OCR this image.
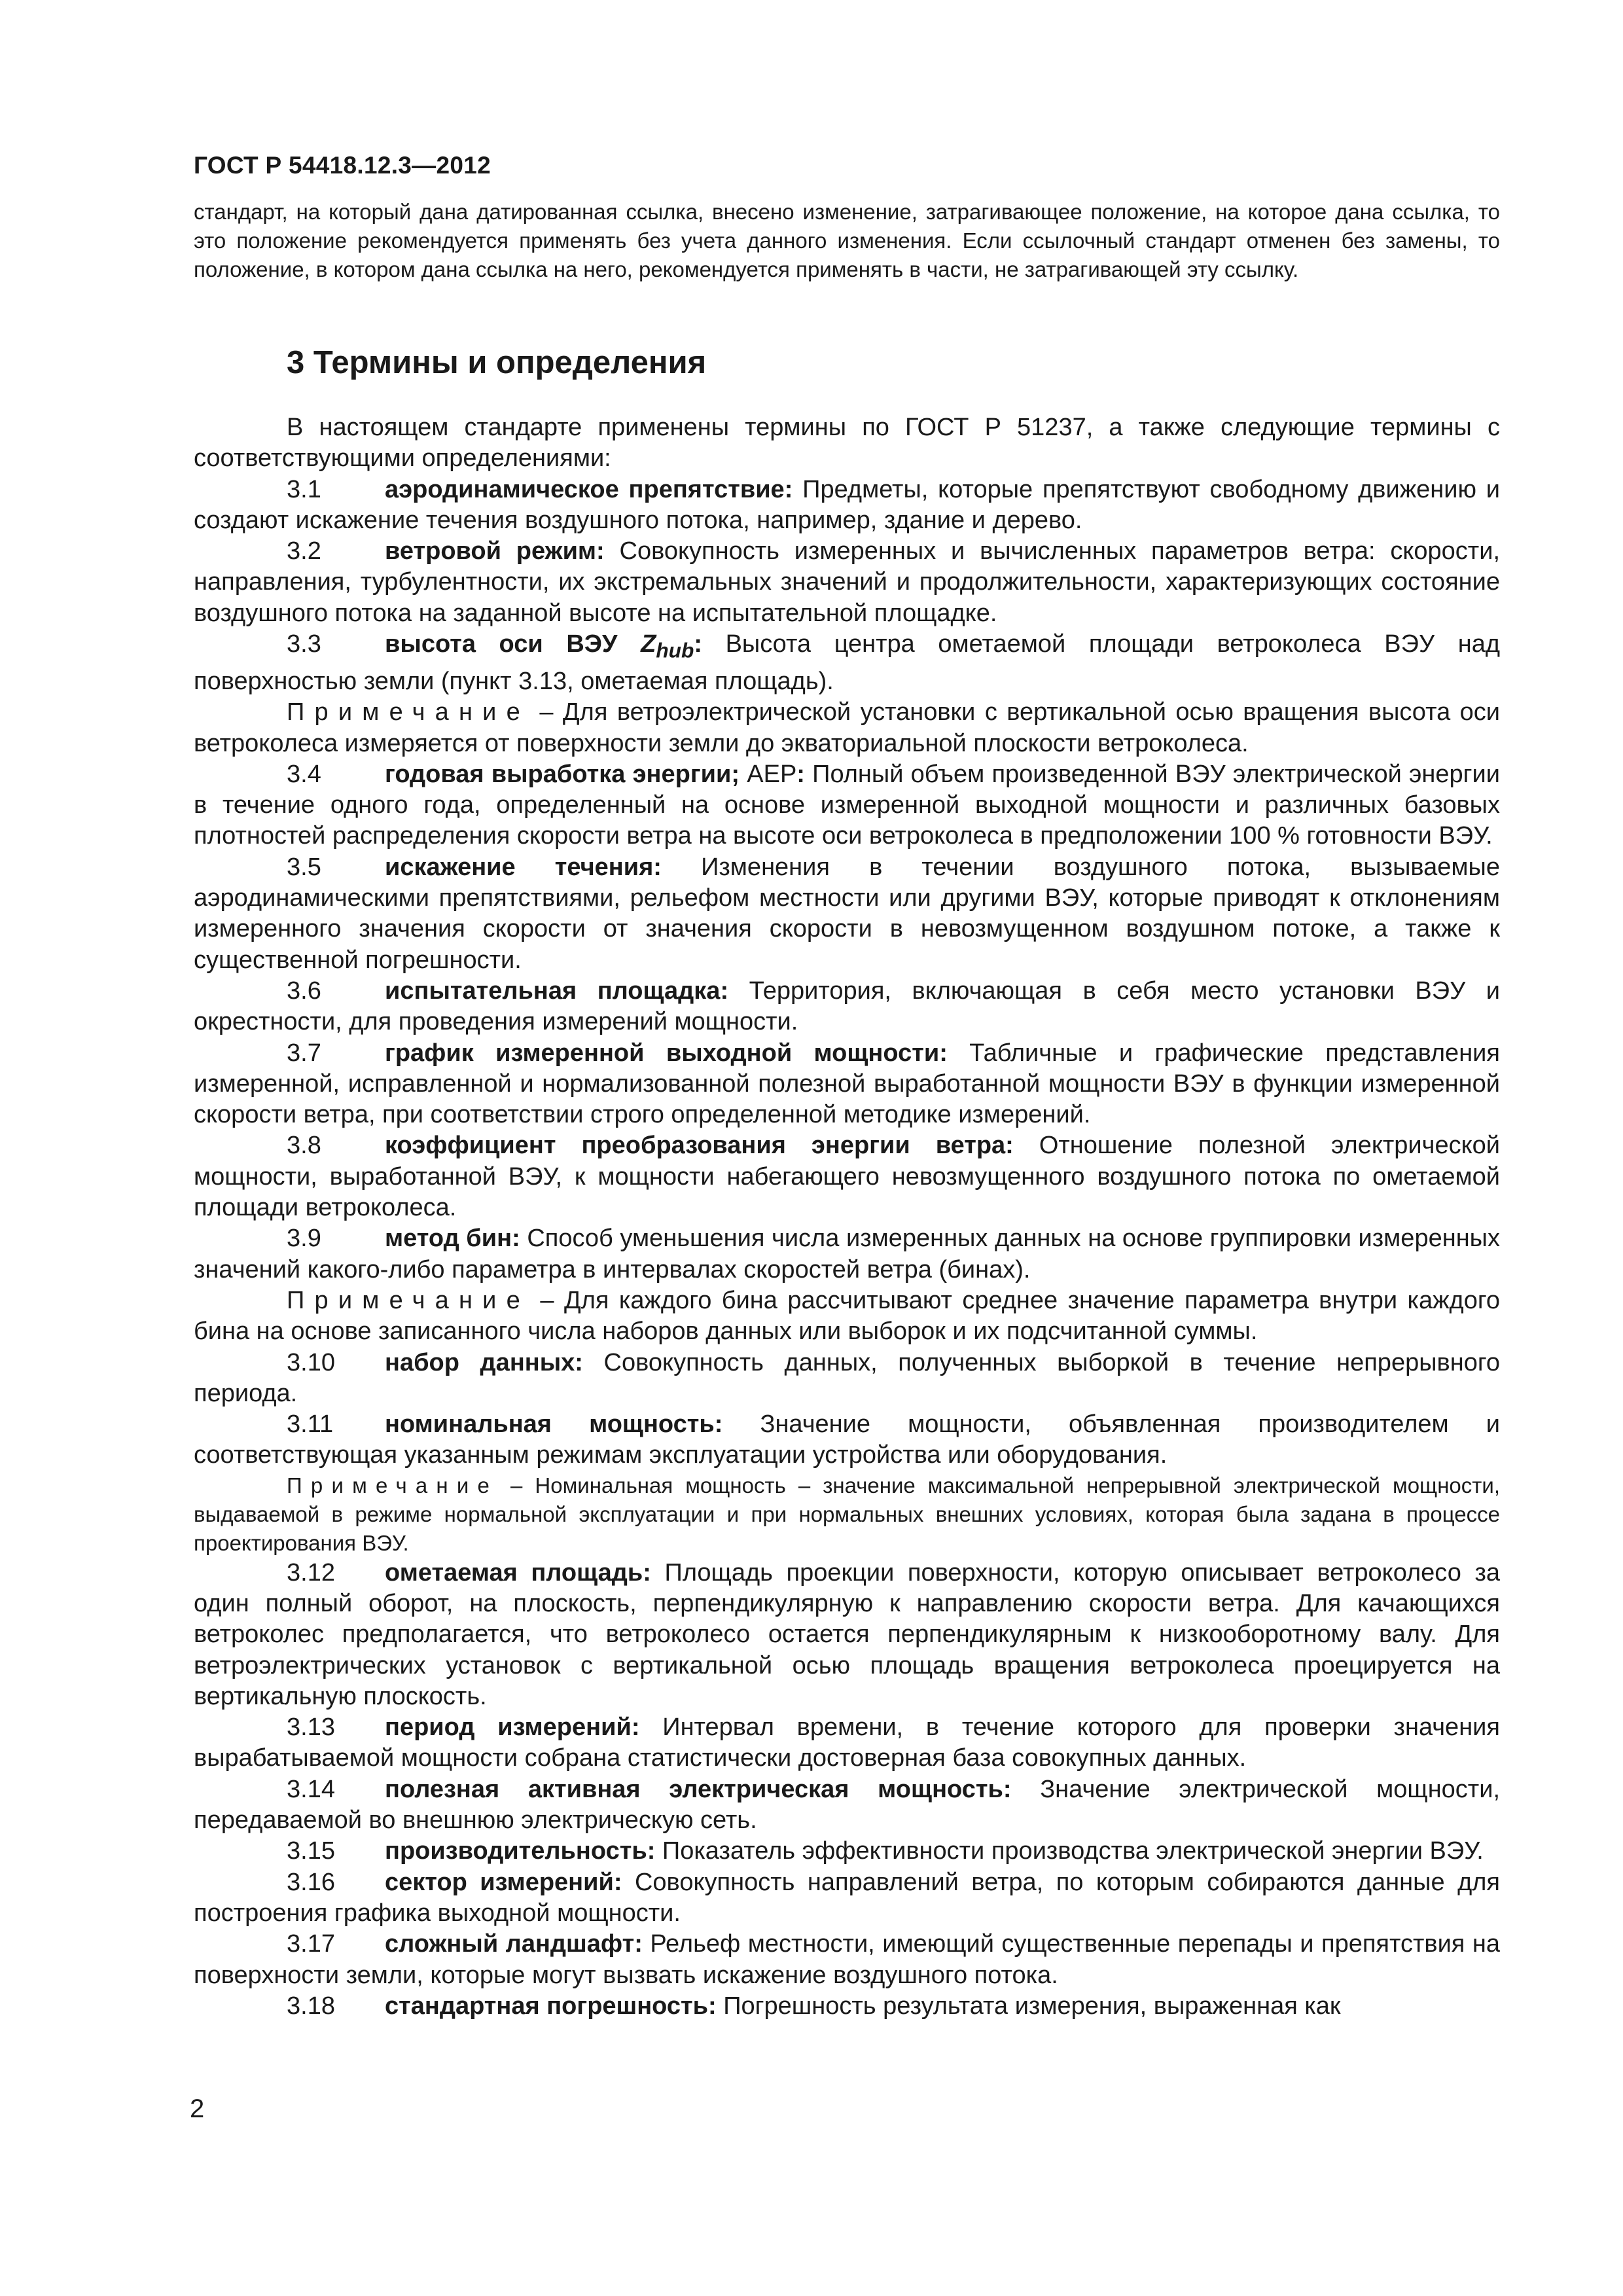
ГОСТ Р 54418.12.3—2012
стандарт, на который дана датированная ссылка, внесено изменение, затрагивающее положение, на которое дана ссылка, то это положение рекомендуется применять без учета данного изменения. Если ссылочный стандарт отменен без замены, то положение, в котором дана ссылка на него, рекомендуется применять в части, не затрагивающей эту ссылку.
3 Термины и определения

В настоящем стандарте применены термины по ГОСТ Р 51237, а также следующие термины с соответствующими определениями:

3.1	аэродинамическое препятствие: Предметы, которые препятствуют свободному движению и создают искажение течения воздушного потока, например, здание и дерево.

3.2	ветровой режим: Совокупность измеренных и вычисленных параметров ветра: скорости, направления, турбулентности, их экстремальных значений и продолжительности, характеризующих состояние воздушного потока на заданной высоте на испытательной площадке.

3.3	высота оси ВЭУ $Z_{hub}$: Высота центра ометаемой площади ветроколеса ВЭУ над поверхностью земли (пункт 3.13, ометаемая площадь).

Примечание – Для ветроэлектрической установки с вертикальной осью вращения высота оси ветроколеса измеряется от поверхности земли до экваториальной плоскости ветроколеса.

3.4	годовая выработка энергии; AEP: Полный объем произведенной ВЭУ электрической энергии в течение одного года, определенный на основе измеренной выходной мощности и различных базовых плотностей распределения скорости ветра на высоте оси ветроколеса в предположении 100 % готовности ВЭУ.

3.5	искажение течения: Изменения в течении воздушного потока, вызываемые аэродинамическими препятствиями, рельефом местности или другими ВЭУ, которые приводят к отклонениям измеренного значения скорости от значения скорости в невозмущенном воздушном потоке, а также к существенной погрешности.

3.6	испытательная площадка: Территория, включающая в себя место установки ВЭУ и окрестности, для проведения измерений мощности.

3.7	график измеренной выходной мощности: Табличные и графические представления измеренной, исправленной и нормализованной полезной выработанной мощности ВЭУ в функции измеренной скорости ветра, при соответствии строго определенной методике измерений.

3.8	коэффициент преобразования энергии ветра: Отношение полезной электрической мощности, выработанной ВЭУ, к мощности набегающего невозмущенного воздушного потока по ометаемой площади ветроколеса.

3.9	метод бин: Способ уменьшения числа измеренных данных на основе группировки измеренных значений какого-либо параметра в интервалах скоростей ветра (бинах).

Примечание – Для каждого бина рассчитывают среднее значение параметра внутри каждого бина на основе записанного числа наборов данных или выборок и их подсчитанной суммы.

3.10 набор данных: Совокупность данных, полученных выборкой в течение непрерывного периода.

3.11 номинальная мощность: Значение мощности, объявленная производителем и соответствующая указанным режимам эксплуатации устройства или оборудования.

Примечание – Номинальная мощность – значение максимальной непрерывной электрической мощности, выдаваемой в режиме нормальной эксплуатации и при нормальных внешних условиях, которая была задана в процессе проектирования ВЭУ.

3.12 ометаемая площадь: Площадь проекции поверхности, которую описывает ветроколесо за один полный оборот, на плоскость, перпендикулярную к направлению скорости ветра. Для качающихся ветроколес предполагается, что ветроколесо остается перпендикулярным к низкооборотному валу. Для ветроэлектрических установок с вертикальной осью площадь вращения ветроколеса проецируется на вертикальную плоскость.

3.13 период измерений: Интервал времени, в течение которого для проверки значения вырабатываемой мощности собрана статистически достоверная база совокупных данных.

3.14 полезная активная электрическая мощность: Значение электрической мощности, передаваемой во внешнюю электрическую сеть.

3.15 производительность: Показатель эффективности производства электрической энергии ВЭУ.

3.16 сектор измерений: Совокупность направлений ветра, по которым собираются данные для построения графика выходной мощности.

3.17 сложный ландшафт: Рельеф местности, имеющий существенные перепады и препятствия на поверхности земли, которые могут вызвать искажение воздушного потока.

3.18 стандартная погрешность: Погрешность результата измерения, выраженная как

2
